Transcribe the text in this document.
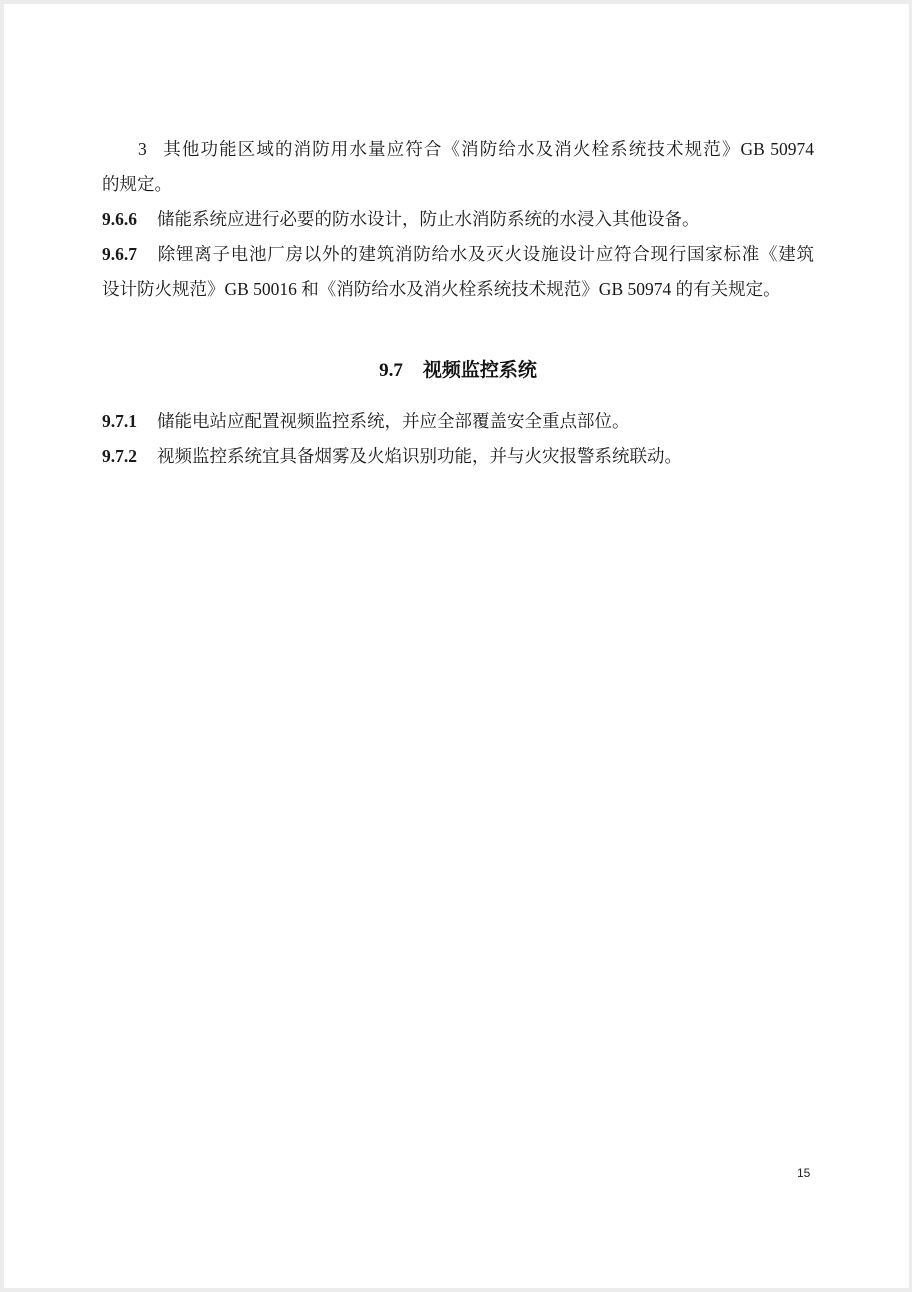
3 其他功能区域的消防用水量应符合《消防给水及消火栓系统技术规范》GB 50974
的规定。
9.6.6 储能系统应进行必要的防水设计，防止水消防系统的水浸入其他设备。
9.6.7 除锂离子电池厂房以外的建筑消防给水及灭火设施设计应符合现行国家标准《建筑
设计防火规范》GB 50016 和《消防给水及消火栓系统技术规范》GB 50974 的有关规定。
9.7 视频监控系统
9.7.1 储能电站应配置视频监控系统，并应全部覆盖安全重点部位。
9.7.2 视频监控系统宜具备烟雾及火焰识别功能，并与火灾报警系统联动。
15
